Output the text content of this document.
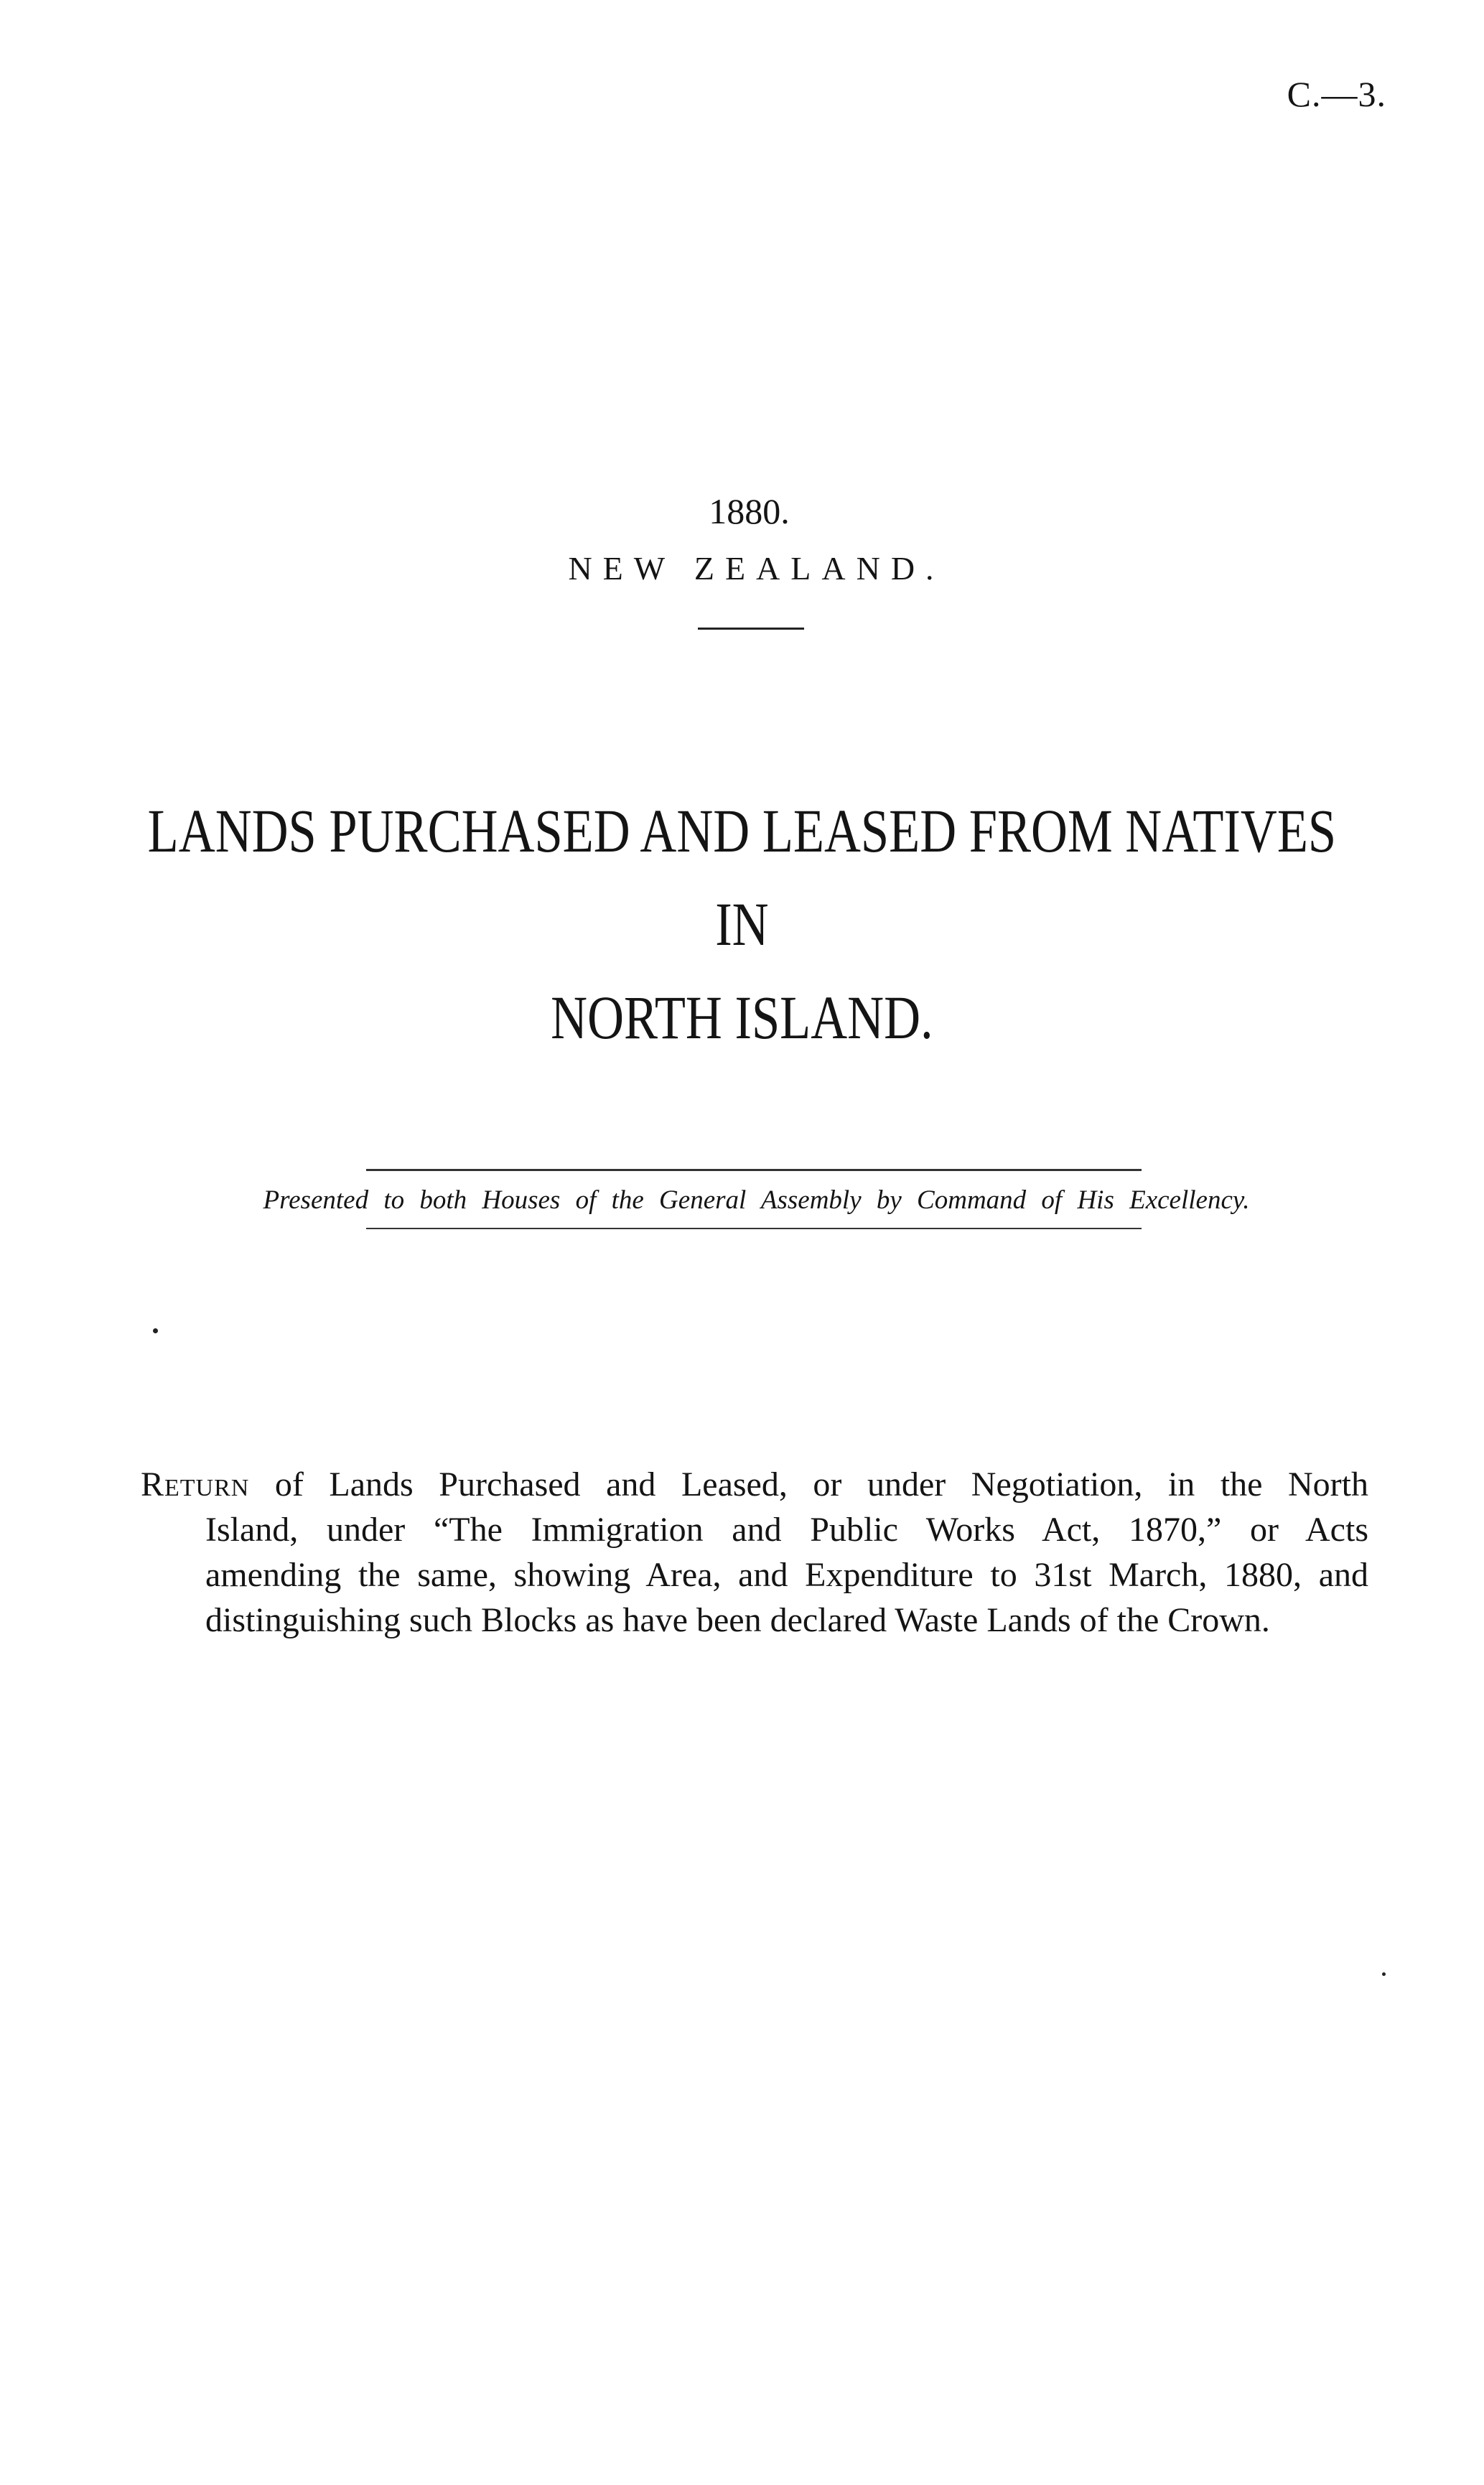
C.—3.
1880.
NEW ZEALAND.
LANDS PURCHASED AND LEASED FROM NATIVES IN
NORTH ISLAND.
Presented to both Houses of the General Assembly by Command of His Excellency.
Return of Lands Purchased and Leased, or under Negotiation, in the North
Island, under “The Immigration and Public Works Act, 1870,” or Acts
amending the same, showing Area, and Expenditure to 31st March, 1880, and
distinguishing such Blocks as have been declared Waste Lands of the Crown.
